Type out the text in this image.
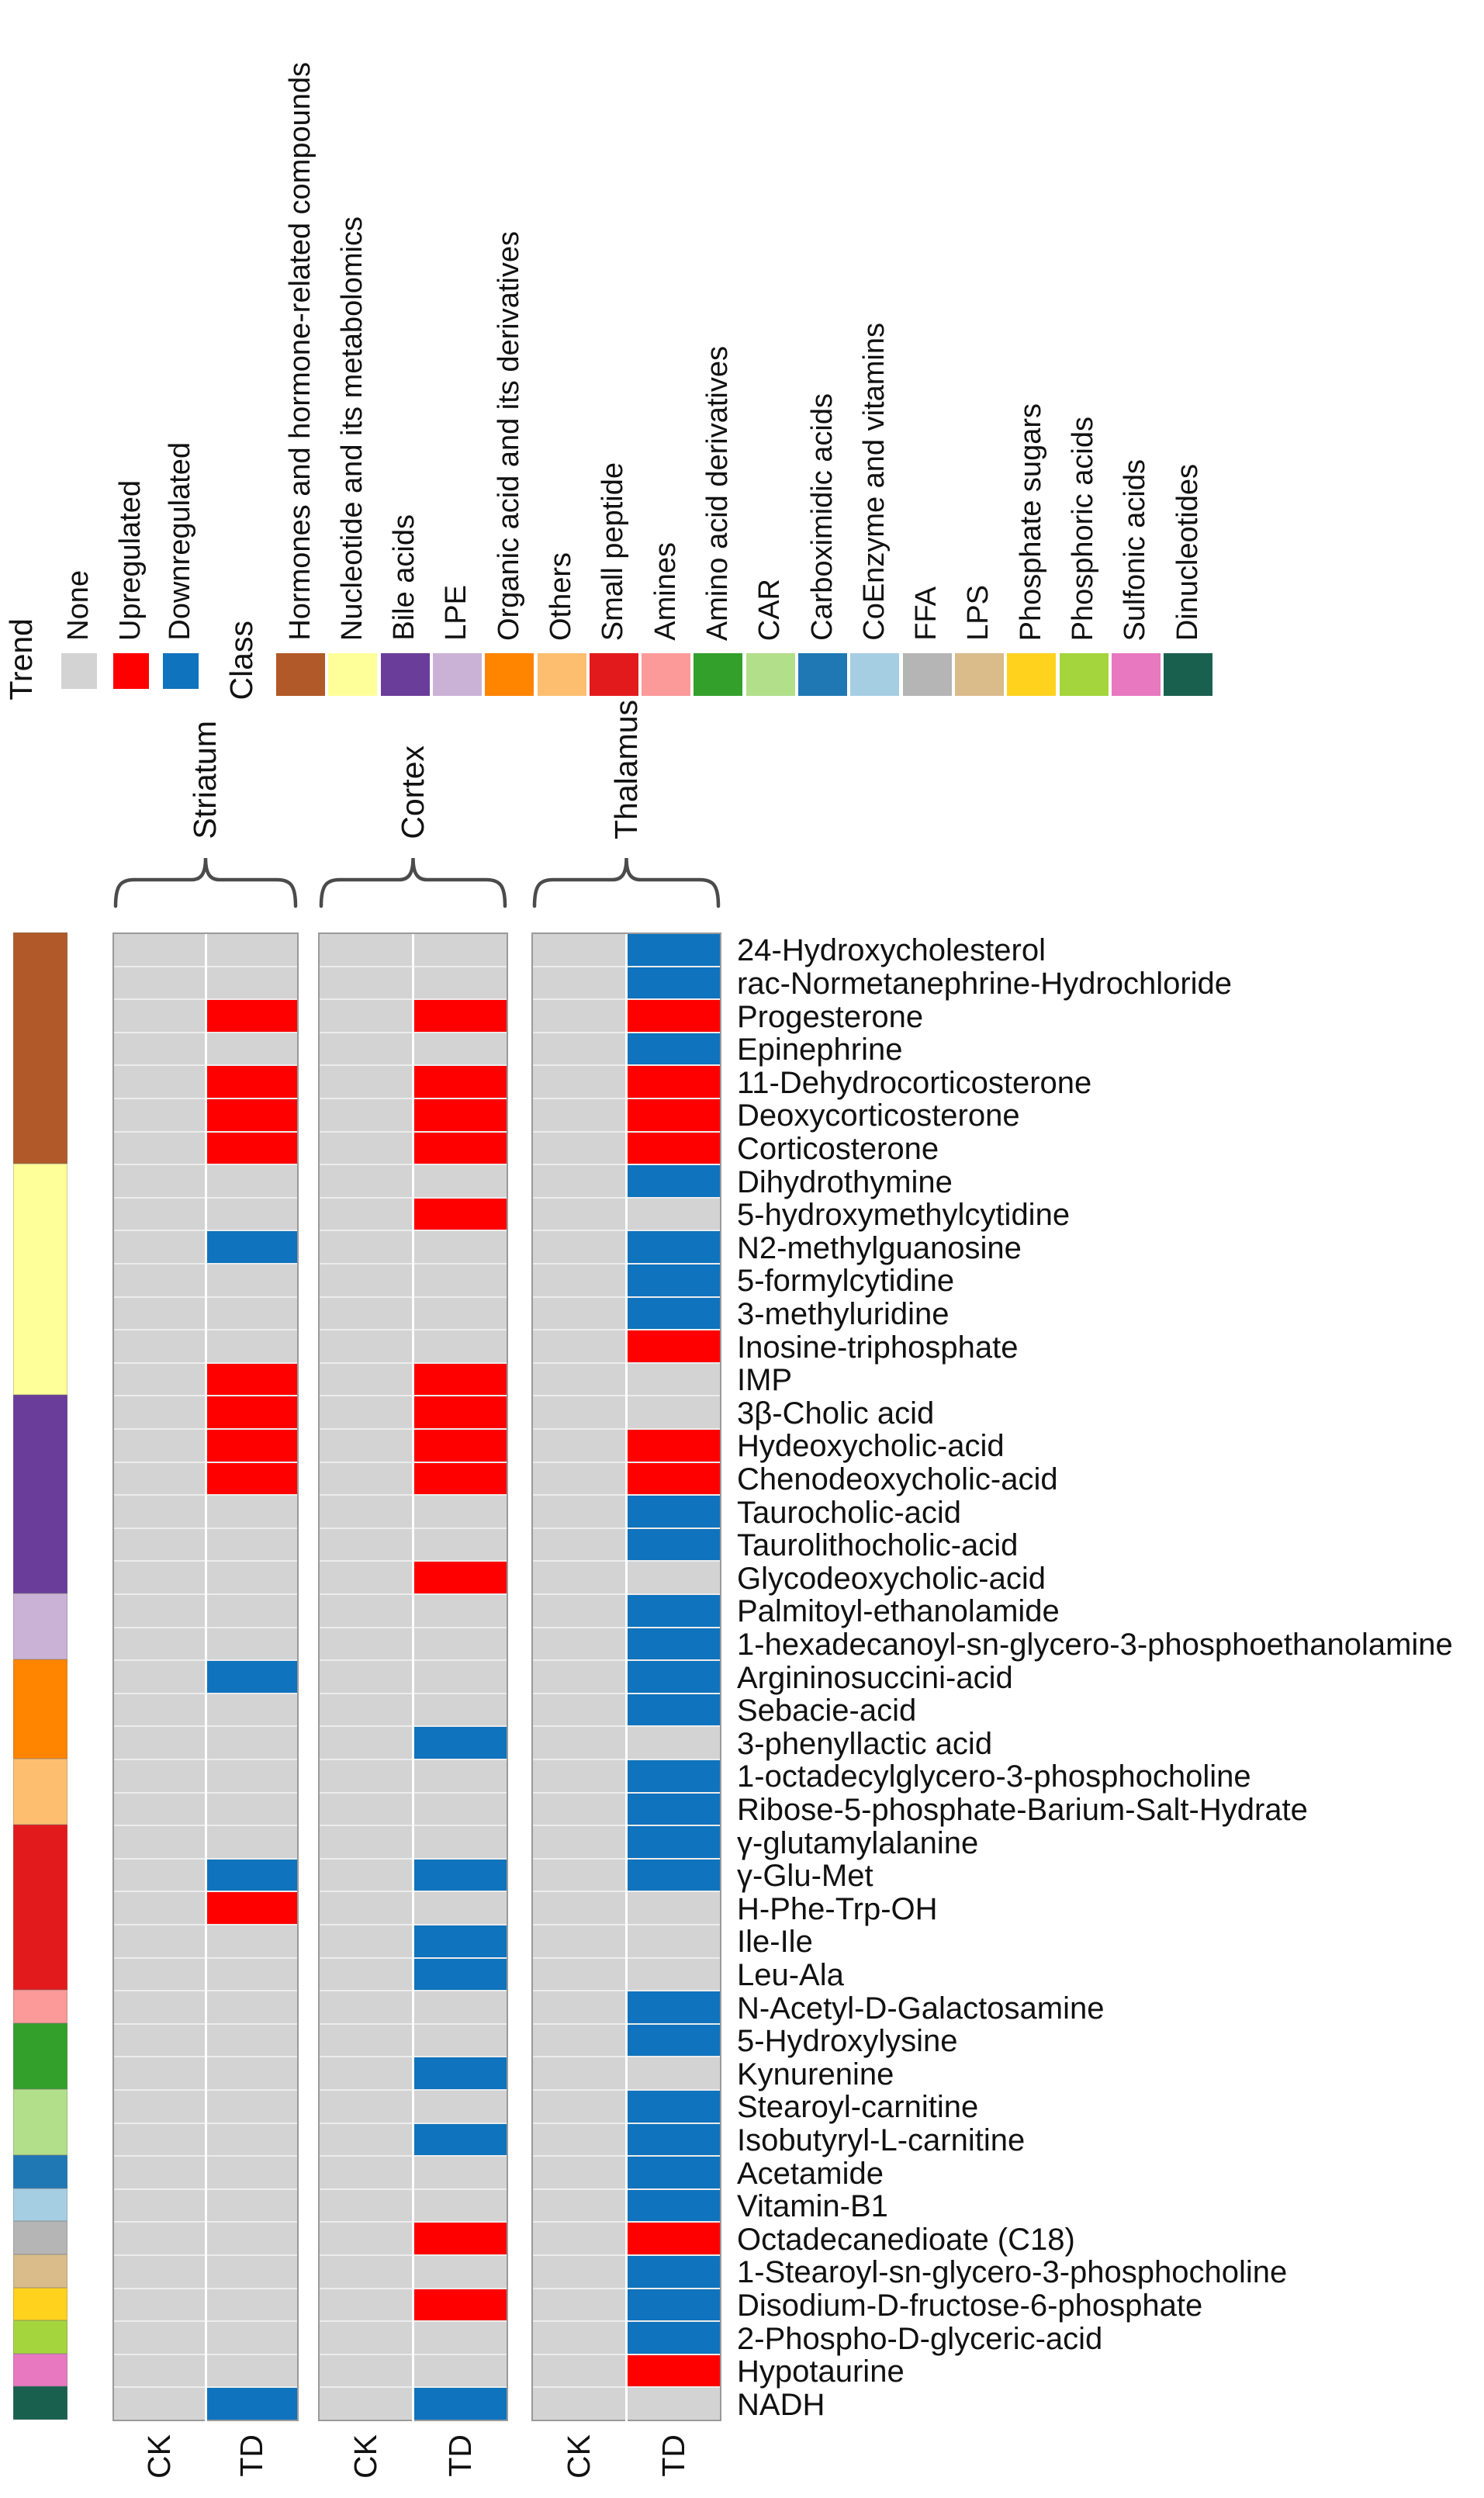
Trend
None Upregulated Downregulated
Class
Hormones and hormone-related compounds Nucleotide and its metabolomics Bile acids LPE Organic acid and its derivatives Others Small peptide Amines Amino acid derivatives CAR Carboximidic acids CoEnzyme and vitamins FFA LPS Phosphate sugars Phosphoric acids Sulfonic acids Dinucleotides
Striatum
CK TD
Cortex
CK TD
Thalamus
CK TD
24-Hydroxycholesterol
rac-Normetanephrine-Hydrochloride
Progesterone
Epinephrine
11-Dehydrocorticosterone
Deoxycorticosterone
Corticosterone
Dihydrothymine
5-hydroxymethylcytidine
N2-methylguanosine
5-formylcytidine
3-methyluridine
Inosine-triphosphate
IMP
3β-Cholic acid
Hydeoxycholic-acid
Chenodeoxycholic-acid
Taurocholic-acid
Taurolithocholic-acid
Glycodeoxycholic-acid
Palmitoyl-ethanolamide
1-hexadecanoyl-sn-glycero-3-phosphoethanolamine
Argininosuccini-acid
Sebacie-acid
3-phenyllactic acid
1-octadecylglycero-3-phosphocholine
Ribose-5-phosphate-Barium-Salt-Hydrate
γ-glutamylalanine
γ-Glu-Met
H-Phe-Trp-OH
Ile-Ile
Leu-Ala
N-Acetyl-D-Galactosamine
5-Hydroxylysine
Kynurenine
Stearoyl-carnitine
Isobutyryl-L-carnitine
Acetamide
Vitamin-B1
Octadecanedioate (C18)
1-Stearoyl-sn-glycero-3-phosphocholine
Disodium-D-fructose-6-phosphate
2-Phospho-D-glyceric-acid
Hypotaurine
NADH
